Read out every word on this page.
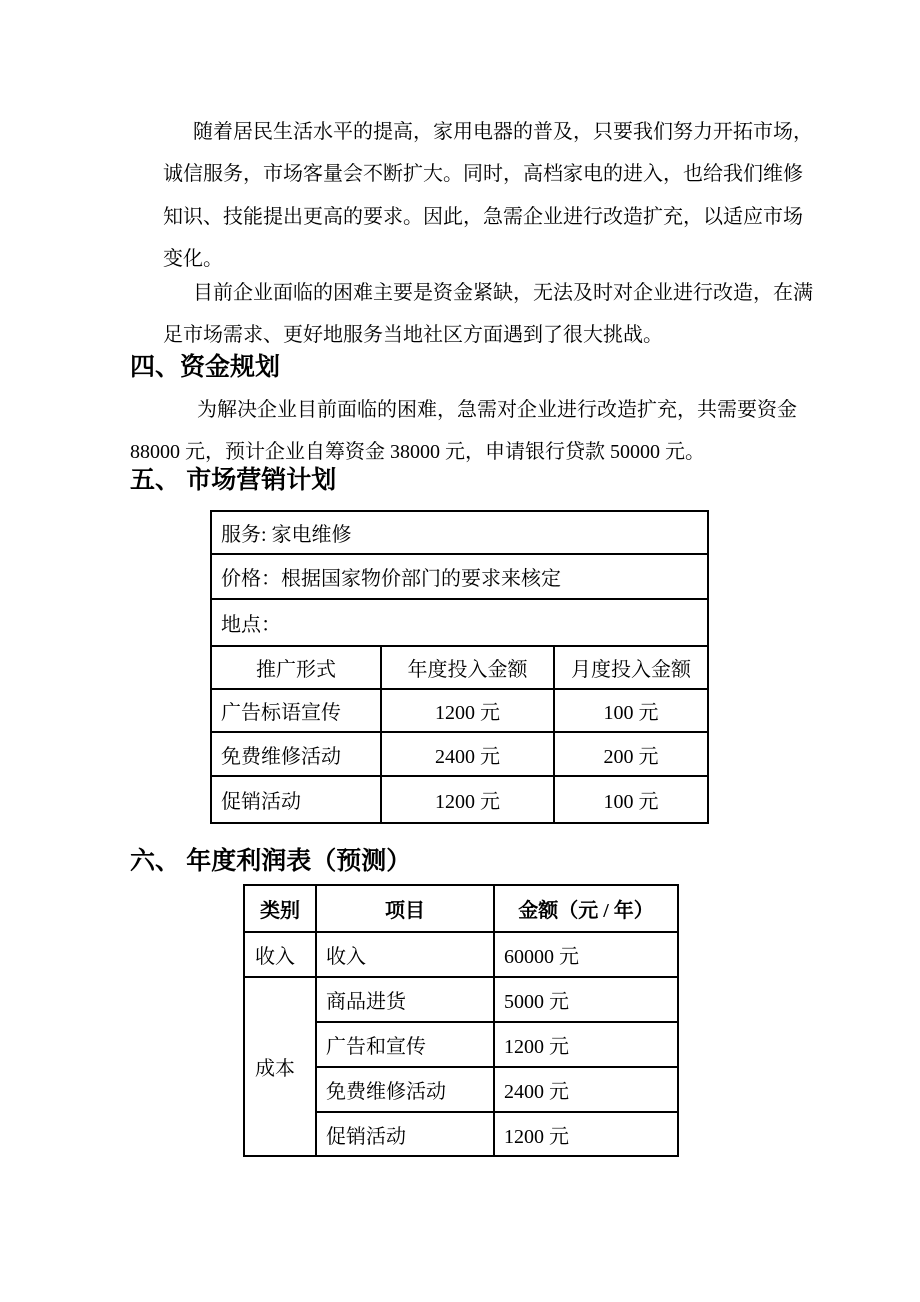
随着居民生活水平的提高，家用电器的普及，只要我们努力开拓市场，
诚信服务，市场客量会不断扩大。同时，高档家电的进入，也给我们维修
知识、技能提出更高的要求。因此，急需企业进行改造扩充，以适应市场
变化。
目前企业面临的困难主要是资金紧缺，无法及时对企业进行改造，在满
足市场需求、更好地服务当地社区方面遇到了很大挑战。
四、资金规划
为解决企业目前面临的困难，急需对企业进行改造扩充，共需要资金
88000 元，预计企业自筹资金 38000 元，申请银行贷款 50000 元。
五、 市场营销计划
服务: 家电维修		
价格：根据国家物价部门的要求来核定		
地点：		
推广形式	年度投入金额	月度投入金额
广告标语宣传	1200 元	100 元
免费维修活动	2400 元	200 元
促销活动	1200 元	100 元
六、 年度利润表（预测）
类别	项目	金额（元 / 年）
收入	收入	60000 元
成本	商品进货	5000 元
	广告和宣传	1200 元
	免费维修活动	2400 元
	促销活动	1200 元
